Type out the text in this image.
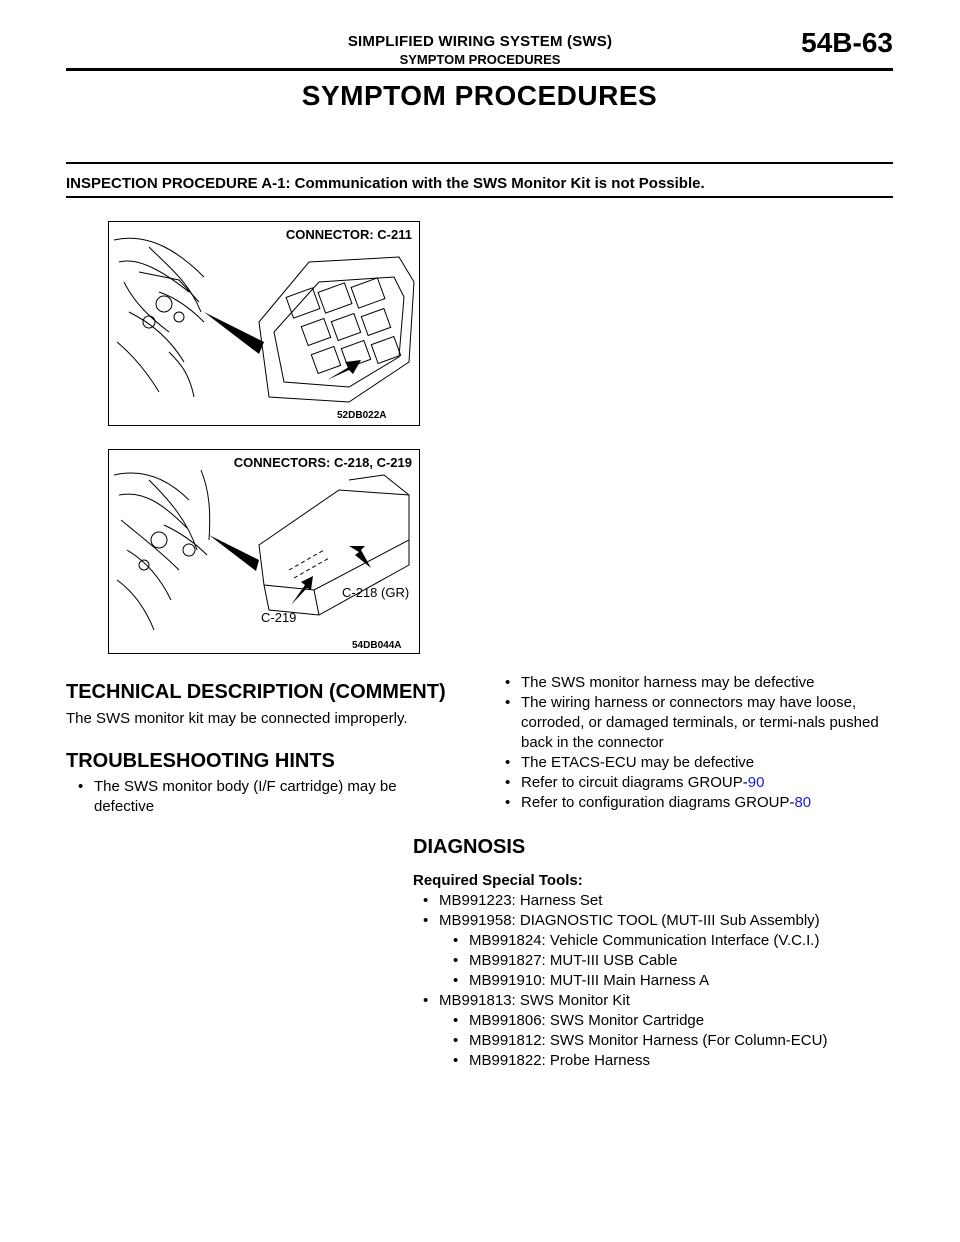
SIMPLIFIED WIRING SYSTEM (SWS)
SYMPTOM PROCEDURES
54B-63
SYMPTOM PROCEDURES
INSPECTION PROCEDURE A-1: Communication with the SWS Monitor Kit is not Possible.
CONNECTOR: C-211
52DB022A
CONNECTORS: C-218, C-219
C-218 (GR)
C-219
54DB044A
TECHNICAL DESCRIPTION (COMMENT)
The SWS monitor kit may be connected improperly.
TROUBLESHOOTING HINTS
• The SWS monitor body (I/F cartridge) may be defective
• The SWS monitor harness may be defective
• The wiring harness or connectors may have loose, corroded, or damaged terminals, or termi-nals pushed back in the connector
• The ETACS-ECU may be defective
• Refer to circuit diagrams GROUP-90
• Refer to configuration diagrams GROUP-80
DIAGNOSIS
Required Special Tools:
• MB991223: Harness Set
• MB991958: DIAGNOSTIC TOOL (MUT-III Sub Assembly)
• MB991824: Vehicle Communication Interface (V.C.I.)
• MB991827: MUT-III USB Cable
• MB991910: MUT-III Main Harness A
• MB991813: SWS Monitor Kit
• MB991806: SWS Monitor Cartridge
• MB991812: SWS Monitor Harness (For Column-ECU)
• MB991822: Probe Harness
